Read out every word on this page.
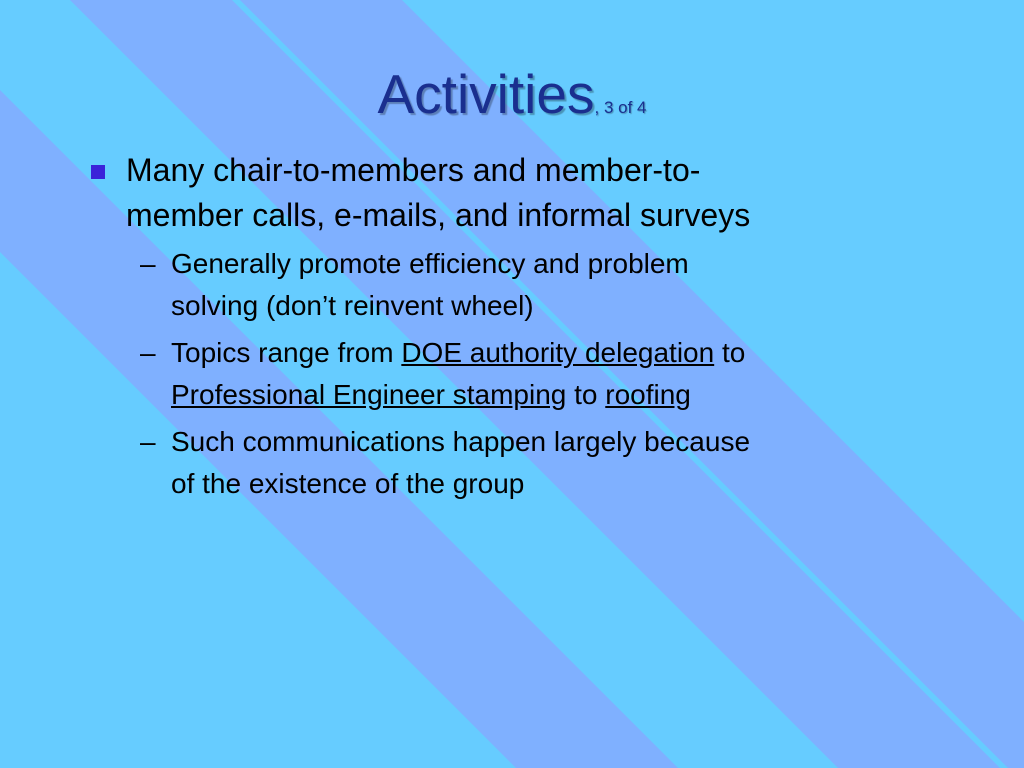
Activities, 3 of 4
Many chair-to-members and member-to-
member calls, e-mails, and informal surveys
– Generally promote efficiency and problem
solving (don’t reinvent wheel)
– Topics range from DOE authority delegation to
Professional Engineer stamping to roofing
– Such communications happen largely because
of the existence of the group
